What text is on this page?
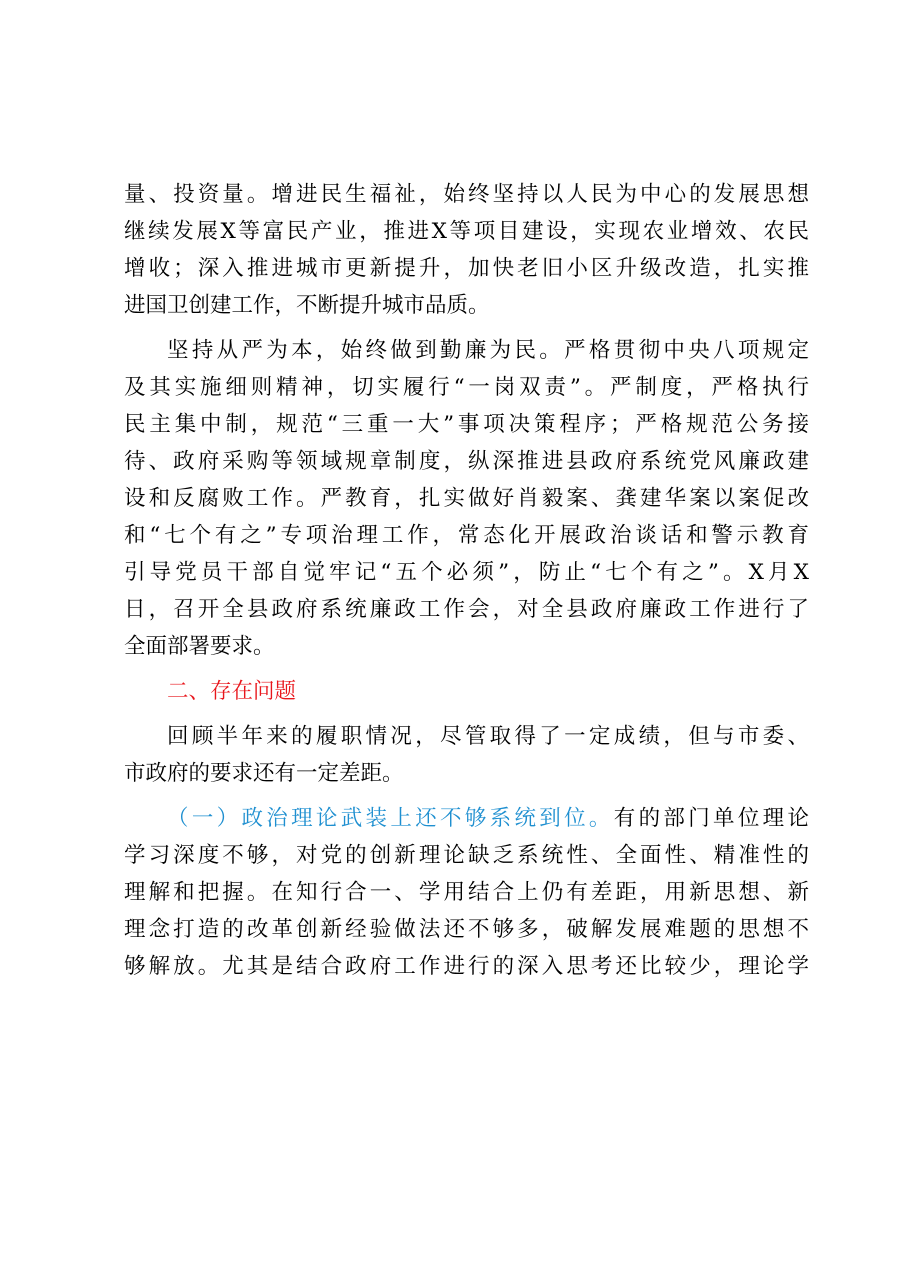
量、投资量。增进民生福祉，始终坚持以人民为中心的发展思想
继续发展X等富民产业，推进X等项目建设，实现农业增效、农民
增收；深入推进城市更新提升，加快老旧小区升级改造，扎实推
进国卫创建工作，不断提升城市品质。
坚持从严为本，始终做到勤廉为民。严格贯彻中央八项规定
及其实施细则精神，切实履行“一岗双责”。严制度，严格执行
民主集中制，规范“三重一大”事项决策程序；严格规范公务接
待、政府采购等领域规章制度，纵深推进县政府系统党风廉政建
设和反腐败工作。严教育，扎实做好肖毅案、龚建华案以案促改
和“七个有之”专项治理工作，常态化开展政治谈话和警示教育
引导党员干部自觉牢记“五个必须”，防止“七个有之”。X月X
日，召开全县政府系统廉政工作会，对全县政府廉政工作进行了
全面部署要求。
二、存在问题
回顾半年来的履职情况，尽管取得了一定成绩，但与市委、
市政府的要求还有一定差距。
（一）政治理论武装上还不够系统到位。有的部门单位理论
学习深度不够，对党的创新理论缺乏系统性、全面性、精准性的
理解和把握。在知行合一、学用结合上仍有差距，用新思想、新
理念打造的改革创新经验做法还不够多，破解发展难题的思想不
够解放。尤其是结合政府工作进行的深入思考还比较少，理论学
